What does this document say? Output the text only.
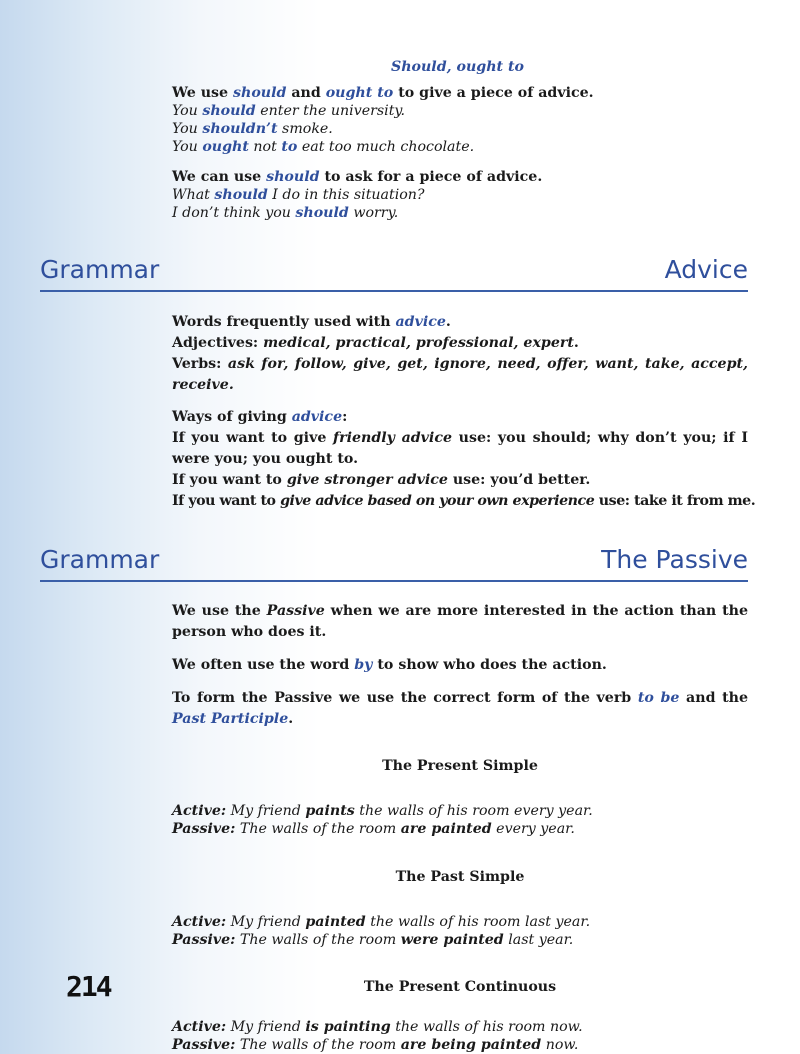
Should, ought to

We use should and ought to to give a piece of advice.

You should enter the university.

You shouldn’t smoke.

You ought not to eat too much chocolate.

We can use should to ask for a piece of advice.

What should I do in this situation?

I don’t think you should worry.

Grammar	Advice

Words frequently used with advice.

Adjectives: medical, practical, professional, expert.

Verbs: ask for, follow, give, get, ignore, need, offer, want, take, accept, receive.

Ways of giving advice:

If you want to give friendly advice use: you should; why don’t you; if I were you; you ought to.

If you want to give stronger advice use: you’d better.

If you want to give advice based on your own experience use: take it from me.

Grammar	The Passive

We use the Passive when we are more interested in the action than the person who does it.

We often use the word by to show who does the action.

To form the Passive we use the correct form of the verb to be and the Past Participle.

The Present Simple

Active: My friend paints the walls of his room every year.

Passive: The walls of the room are painted every year.

The Past Simple

Active: My friend painted the walls of his room last year.

Passive: The walls of the room were painted last year.

The Present Continuous

Active: My friend is painting the walls of his room now.

Passive: The walls of the room are being painted now.

214
